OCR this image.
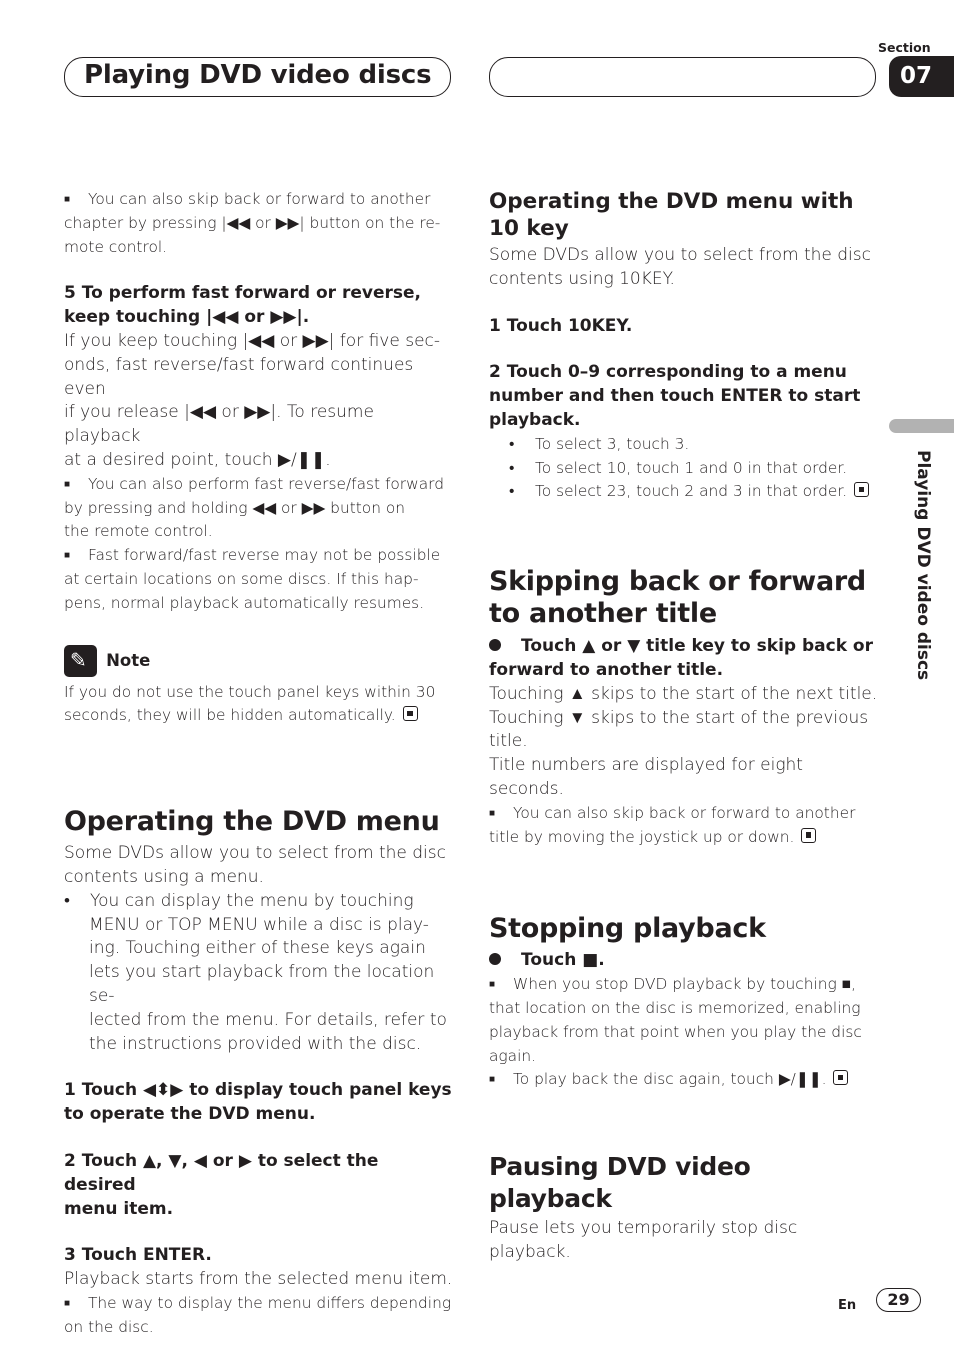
Playing DVD video discs
Section
07
Playing DVD video discs

■ You can also skip back or forward to another

chapter by pressing |◀◀ or ▶▶| button on the re-

mote control.

5 To perform fast forward or reverse,

keep touching |◀◀ or ▶▶|.

If you keep touching |◀◀ or ▶▶| for five sec-

onds, fast reverse/fast forward continues even

if you release |◀◀ or ▶▶|. To resume playback

at a desired point, touch ▶/❚❚.

■ You can also perform fast reverse/fast forward

by pressing and holding ◀◀ or ▶▶ button on

the remote control.

■ Fast forward/fast reverse may not be possible

at certain locations on some discs. If this hap-

pens, normal playback automatically resumes.

✎ Note

If you do not use the touch panel keys within 30

seconds, they will be hidden automatically.

Operating the DVD menu

Some DVDs allow you to select from the disc

contents using a menu.

• You can display the menu by touching

MENU or TOP MENU while a disc is play-

ing. Touching either of these keys again

lets you start playback from the location se-

lected from the menu. For details, refer to

the instructions provided with the disc.

1 Touch ◀⬍▶ to display touch panel keys

to operate the DVD menu.

2 Touch ▲, ▼, ◀ or ▶ to select the desired

menu item.

3 Touch ENTER.

Playback starts from the selected menu item.

■ The way to display the menu differs depending

on the disc.

Operating the DVD menu with
10 key

Some DVDs allow you to select from the disc

contents using 10KEY.

1 Touch 10KEY.

2 Touch 0–9 corresponding to a menu

number and then touch ENTER to start

playback.

• To select 3, touch 3.

• To select 10, touch 1 and 0 in that order.

• To select 23, touch 2 and 3 in that order.

Skipping back or forward
to another title

Touch ▲ or ▼ title key to skip back or

forward to another title.

Touching ▲ skips to the start of the next title.

Touching ▼ skips to the start of the previous

title.

Title numbers are displayed for eight seconds.

■ You can also skip back or forward to another

title by moving the joystick up or down.

Stopping playback

Touch ■.

■ When you stop DVD playback by touching ■,

that location on the disc is memorized, enabling

playback from that point when you play the disc

again.

■ To play back the disc again, touch ▶/❚❚.

Pausing DVD video playback

Pause lets you temporarily stop disc playback.

En	29
